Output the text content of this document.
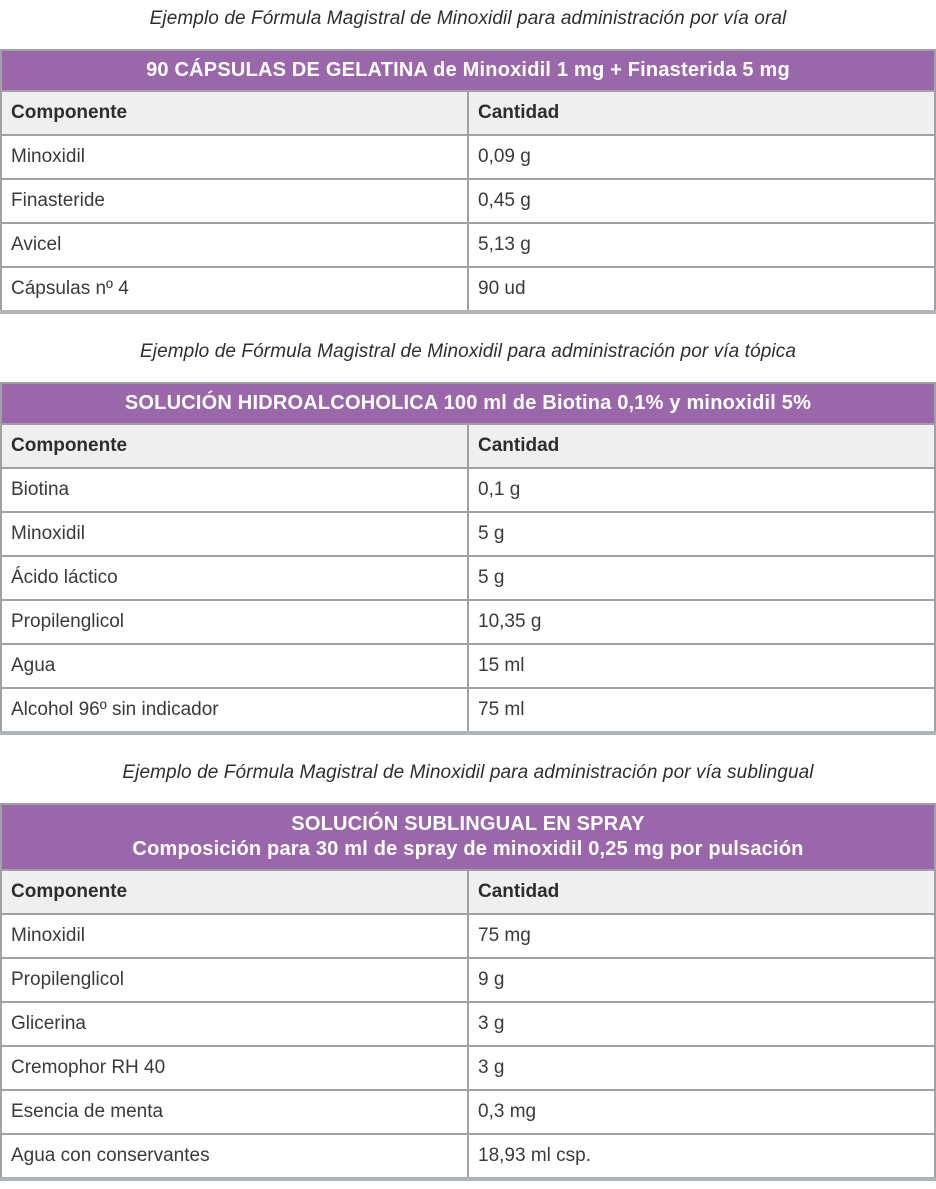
Ejemplo de Fórmula Magistral de Minoxidil para administración por vía oral

90 CÁPSULAS DE GELATINA de Minoxidil 1 mg + Finasterida 5 mg	
Componente	Cantidad
Minoxidil	0,09 g
Finasteride	0,45 g
Avicel	5,13 g
Cápsulas nº 4	90 ud

Ejemplo de Fórmula Magistral de Minoxidil para administración por vía tópica

SOLUCIÓN HIDROALCOHOLICA 100 ml de Biotina 0,1% y minoxidil 5%	
Componente	Cantidad
Biotina	0,1 g
Minoxidil	5 g
Ácido láctico	5 g
Propilenglicol	10,35 g
Agua	15 ml
Alcohol 96º sin indicador	75 ml

Ejemplo de Fórmula Magistral de Minoxidil para administración por vía sublingual

SOLUCIÓN SUBLINGUAL EN SPRAY
Composición para 30 ml de spray de minoxidil 0,25 mg por pulsación	

Componente	Cantidad
Minoxidil	75 mg
Propilenglicol	9 g
Glicerina	3 g
Cremophor RH 40	3 g
Esencia de menta	0,3 mg
Agua con conservantes	18,93 ml csp.
